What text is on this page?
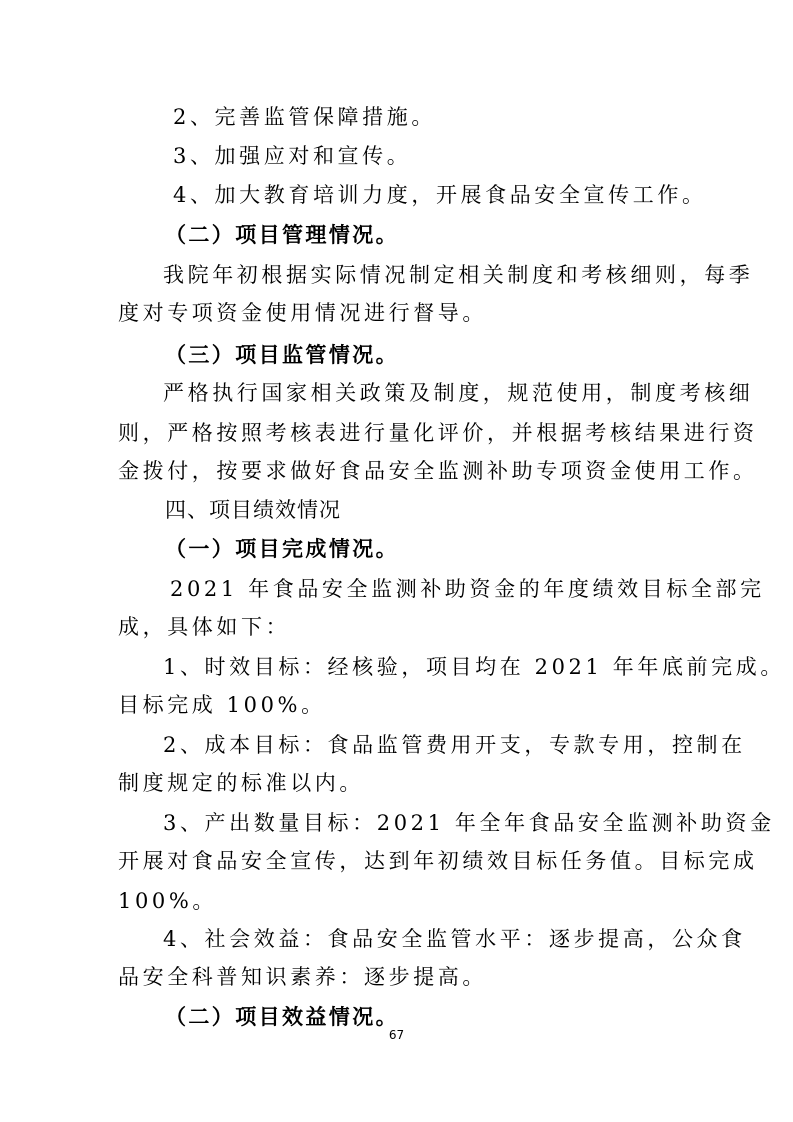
2、完善监管保障措施。
3、加强应对和宣传。
4、加大教育培训力度，开展食品安全宣传工作。
（二）项目管理情况。
我院年初根据实际情况制定相关制度和考核细则，每季
度对专项资金使用情况进行督导。
（三）项目监管情况。
严格执行国家相关政策及制度，规范使用，制度考核细
则，严格按照考核表进行量化评价，并根据考核结果进行资
金拨付，按要求做好食品安全监测补助专项资金使用工作。
四、项目绩效情况
（一）项目完成情况。
2021 年食品安全监测补助资金的年度绩效目标全部完
成，具体如下：
1、时效目标：经核验，项目均在 2021 年年底前完成。
目标完成 100%。
2、成本目标：食品监管费用开支，专款专用，控制在
制度规定的标准以内。
3、产出数量目标：2021 年全年食品安全监测补助资金
开展对食品安全宣传，达到年初绩效目标任务值。目标完成
100%。
4、社会效益：食品安全监管水平：逐步提高，公众食
品安全科普知识素养：逐步提高。
（二）项目效益情况。
67
